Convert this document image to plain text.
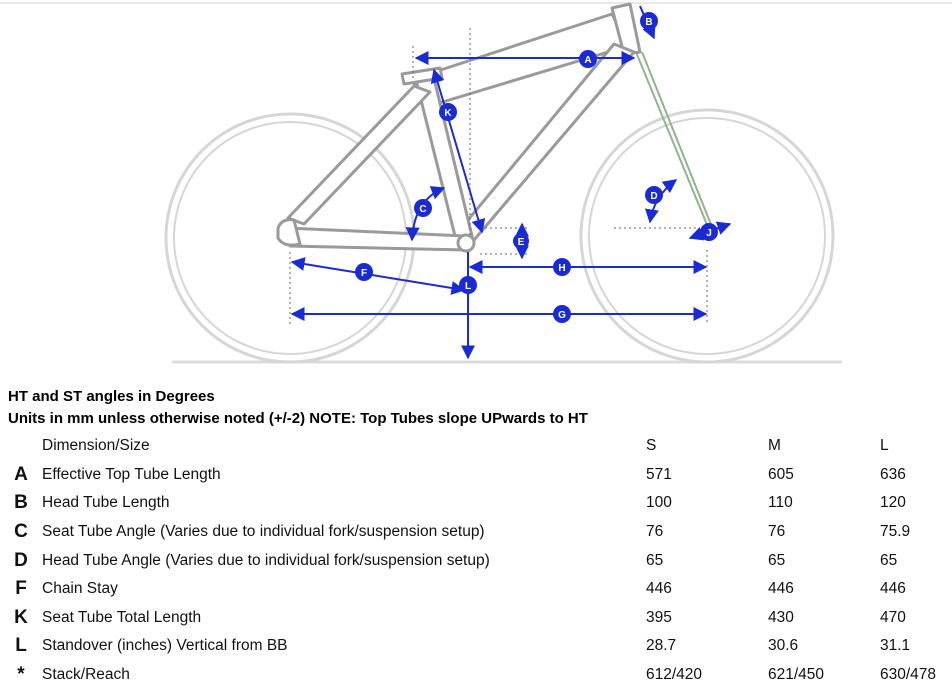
A
B
C
D
E
F
G
H
J
K
L
HT and ST angles in Degrees
Units in mm unless otherwise noted (+/-2) NOTE: Top Tubes slope UPwards to HT
	Dimension/Size	S	M	L
A	Effective Top Tube Length	571	605	636
B	Head Tube Length	100	110	120
C	Seat Tube Angle (Varies due to individual fork/suspension setup)	76	76	75.9
D	Head Tube Angle (Varies due to individual fork/suspension setup)	65	65	65
F	Chain Stay	446	446	446
K	Seat Tube Total Length	395	430	470
L	Standover (inches) Vertical from BB	28.7	30.6	31.1
*	Stack/Reach	612/420	621/450	630/478
